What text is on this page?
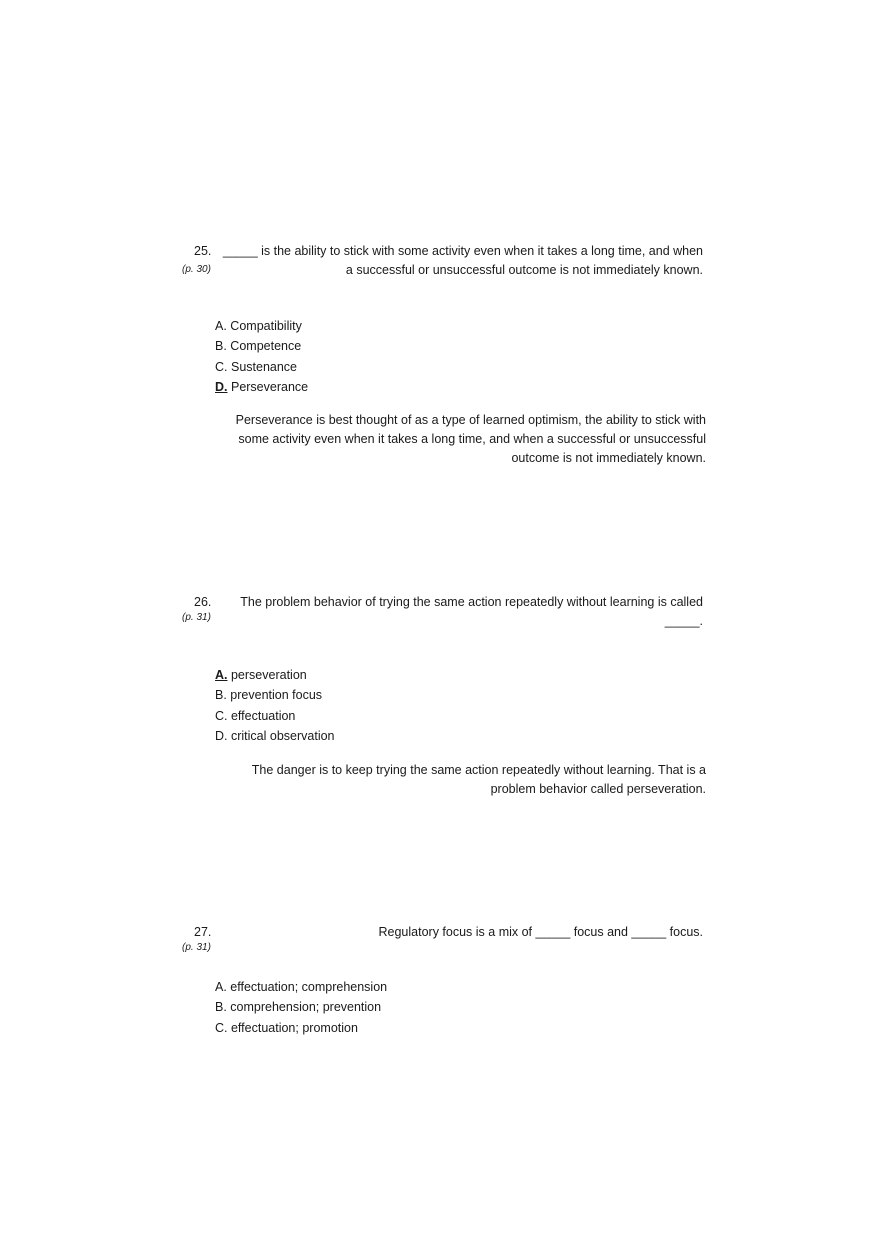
25.
(p. 30)
_____ is the ability to stick with some activity even when it takes a long time, and when
a successful or unsuccessful outcome is not immediately known.
A. Compatibility
B. Competence
C. Sustenance
D. Perseverance
Perseverance is best thought of as a type of learned optimism, the ability to stick with
some activity even when it takes a long time, and when a successful or unsuccessful
outcome is not immediately known.
26.
(p. 31)
The problem behavior of trying the same action repeatedly without learning is called
_____.
A. perseveration
B. prevention focus
C. effectuation
D. critical observation
The danger is to keep trying the same action repeatedly without learning. That is a
problem behavior called perseveration.
27.
(p. 31)
Regulatory focus is a mix of _____ focus and _____ focus.
A. effectuation; comprehension
B. comprehension; prevention
C. effectuation; promotion
